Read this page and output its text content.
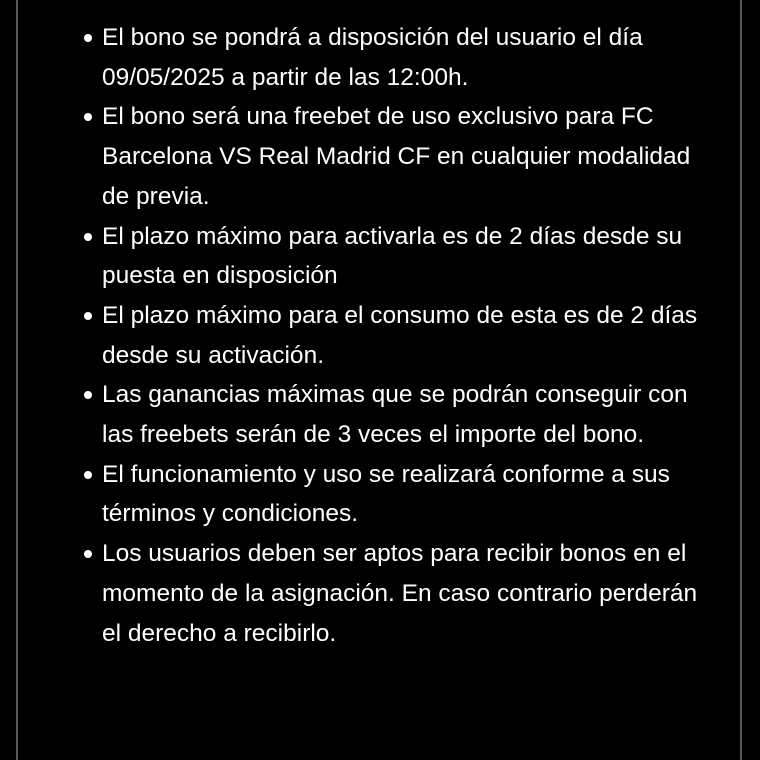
El bono se pondrá a disposición del usuario el día 09/05/2025 a partir de las 12:00h.
El bono será una freebet de uso exclusivo para FC Barcelona VS Real Madrid CF en cualquier modalidad de previa.
El plazo máximo para activarla es de 2 días desde su puesta en disposición
El plazo máximo para el consumo de esta es de 2 días desde su activación.
Las ganancias máximas que se podrán conseguir con las freebets serán de 3 veces el importe del bono.
El funcionamiento y uso se realizará conforme a sus términos y condiciones.
Los usuarios deben ser aptos para recibir bonos en el momento de la asignación. En caso contrario perderán el derecho a recibirlo.
